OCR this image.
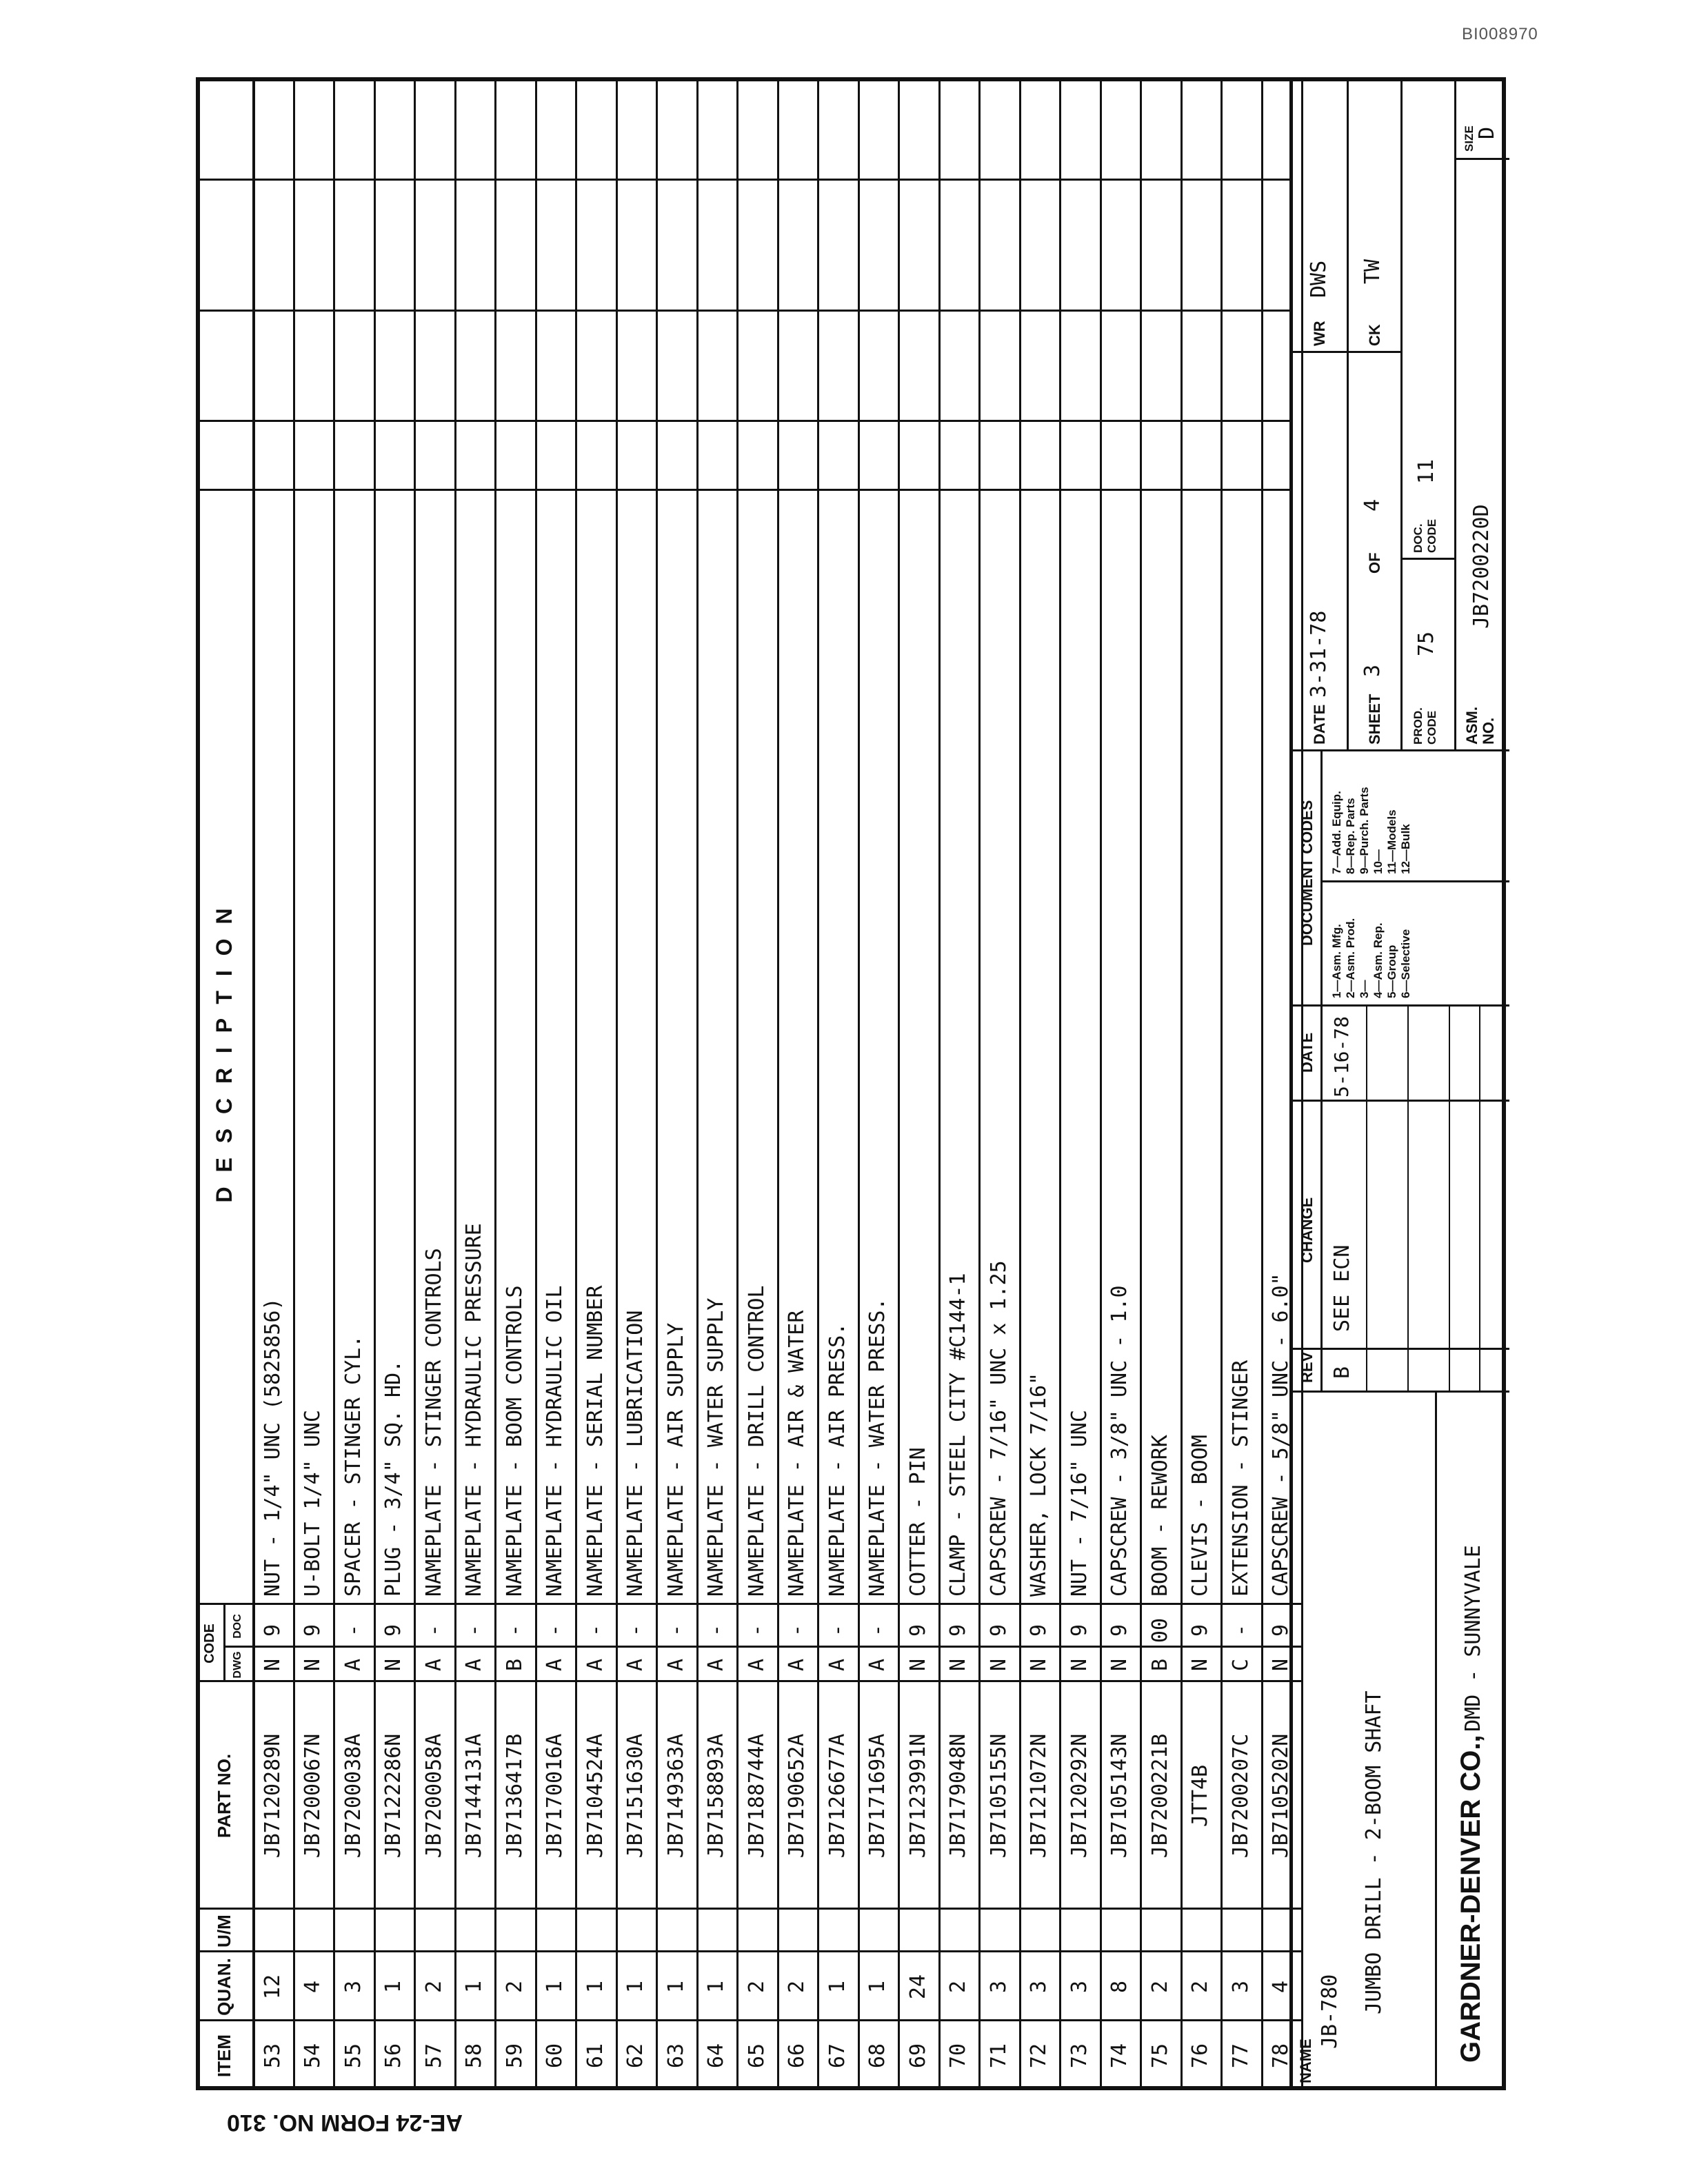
BI008970
AE-24 FORM NO. 310
ITEM
QUAN.
U/M
PART NO.
CODE
DWG
DOC
D E S C R I P T I O N
53
12
JB7120289N
N
9
NUT - 1/4" UNC (5825856)
54
4
JB7200067N
N
9
U-BOLT 1/4" UNC
55
3
JB7200038A
A
-
SPACER - STINGER CYL.
56
1
JB7122286N
N
9
PLUG - 3/4" SQ. HD.
57
2
JB7200058A
A
-
NAMEPLATE - STINGER CONTROLS
58
1
JB7144131A
A
-
NAMEPLATE - HYDRAULIC PRESSURE
59
2
JB7136417B
B
-
NAMEPLATE - BOOM CONTROLS
60
1
JB7170016A
A
-
NAMEPLATE - HYDRAULIC OIL
61
1
JB7104524A
A
-
NAMEPLATE - SERIAL NUMBER
62
1
JB7151630A
A
-
NAMEPLATE - LUBRICATION
63
1
JB7149363A
A
-
NAMEPLATE - AIR SUPPLY
64
1
JB7158893A
A
-
NAMEPLATE - WATER SUPPLY
65
2
JB7188744A
A
-
NAMEPLATE - DRILL CONTROL
66
2
JB7190652A
A
-
NAMEPLATE - AIR & WATER
67
1
JB7126677A
A
-
NAMEPLATE - AIR PRESS.
68
1
JB7171695A
A
-
NAMEPLATE - WATER PRESS.
69
24
JB7123991N
N
9
COTTER - PIN
70
2
JB7179048N
N
9
CLAMP - STEEL CITY #C144-1
71
3
JB7105155N
N
9
CAPSCREW - 7/16" UNC x 1.25
72
3
JB7121072N
N
9
WASHER, LOCK 7/16"
73
3
JB7120292N
N
9
NUT - 7/16" UNC
74
8
JB7105143N
N
9
CAPSCREW - 3/8" UNC - 1.0
75
2
JB7200221B
B
00
BOOM - REWORK
76
2
JTT4B
N
9
CLEVIS - BOOM
77
3
JB7200207C
C
-
EXTENSION - STINGER
78
4
JB7105202N
N
9
CAPSCREW - 5/8" UNC - 6.0"
NAME
JB-780 JUMBO DRILL - 2-BOOM SHAFT	GARDNER-DENVER CO.,
DMD - SUNNYVALE
REV
CHANGE
DATE
B
SEE ECN
5-16-78
DOCUMENT CODES
1—Asm. Mfg. 2—Asm. Prod. 3— 4—Asm. Rep. 5—Group 6—Selective
7—Add. Equip. 8—Rep. Parts 9—Purch. Parts 10— 11—Models 12—Bulk
DATE
3-31-78
SHEET
3
OF
4
PROD. CODE
75
DOC. CODE
11
ASM. NO.
JB7200220D
WR
DWS
CK
TW
SIZE D
